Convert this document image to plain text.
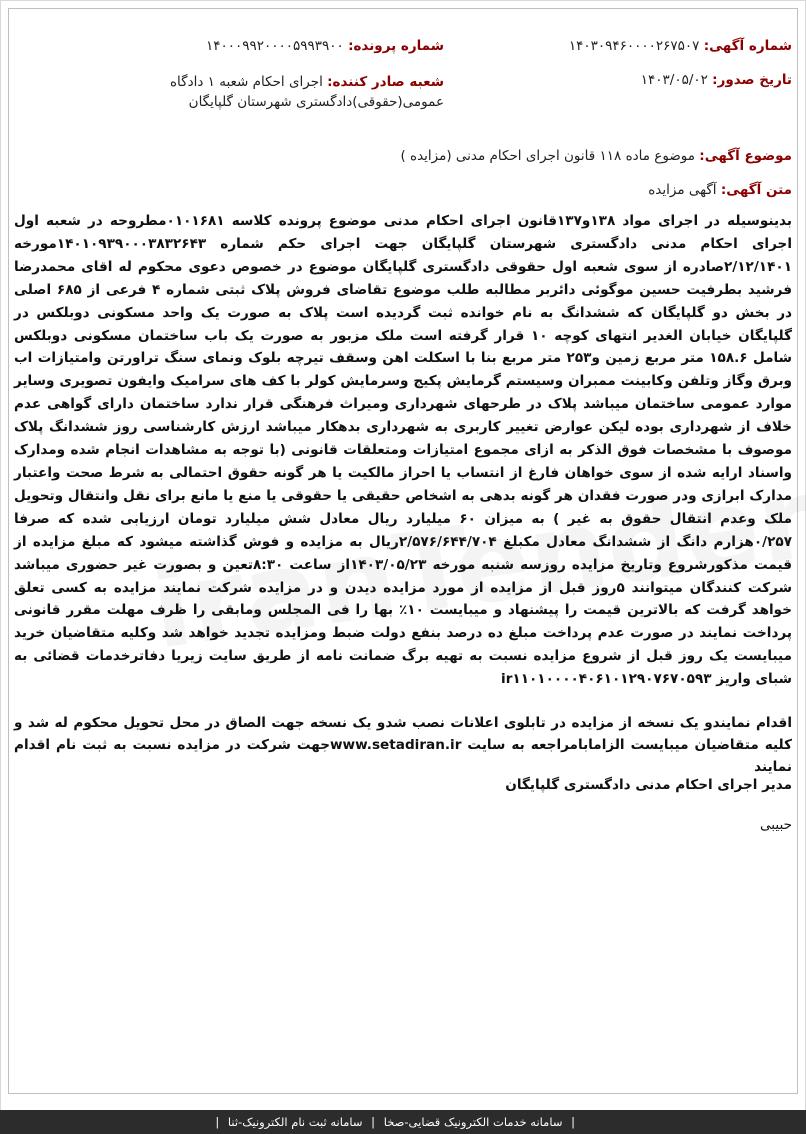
شماره آگهی: ۱۴۰۳۰۹۴۶۰۰۰۰۲۶۷۵۰۷
شماره پرونده: ۱۴۰۰۰۹۹۲۰۰۰۰۵۹۹۳۹۰۰
تاریخ صدور: ۱۴۰۳/۰۵/۰۲
شعبه صادر کننده: اجرای احکام شعبه ۱ دادگاه عمومی(حقوقی)دادگستری شهرستان گلپایگان
موضوع آگهی: موضوع ماده ۱۱۸ قانون اجرای احکام مدنی (مزایده )
متن آگهی: آگهی مزایده
بدینوسیله در اجرای مواد ۱۳۸و۱۳۷قانون اجرای احکام مدنی موضوع پرونده کلاسه ۰۱۰۱۶۸۱مطروحه در شعبه اول اجرای احکام مدنی دادگستری شهرستان گلپایگان جهت اجرای حکم شماره ۱۴۰۱۰۹۳۹۰۰۰۳۸۳۲۶۴۳مورخه ۲/۱۲/۱۴۰۱صادره از سوی شعبه اول حقوقی دادگستری گلپایگان موضوع در خصوص دعوی محکوم له اقای محمدرضا فرشید بطرفیت حسین موگوئی دائربر مطالبه طلب موضوع تقاضای فروش پلاک ثبتی شماره ۴ فرعی از ۶۸۵ اصلی در بخش دو گلپایگان که ششدانگ به نام خوانده ثبت گردیده است پلاک به صورت یک واحد مسکونی دوبلکس در گلپایگان خیابان الغدیر انتهای کوچه ۱۰ قرار گرفته است ملک مزبور به صورت یک باب ساختمان مسکونی دوبلکس شامل ۱۵۸.۶ متر مربع زمین و۲۵۳ متر مربع بنا با اسکلت اهن وسقف تیرچه بلوک ونمای سنگ تراورتن وامتیازات اب وبرق وگاز وتلفن وکابینت ممبران وسیستم گرمایش پکیج وسرمایش کولر با کف های سرامیک وایفون تصویری وسایر موارد عمومی ساختمان میباشد پلاک در طرحهای شهرداری ومیراث فرهنگی قرار ندارد ساختمان دارای گواهی عدم خلاف از شهرداری بوده لیکن عوارض تغییر کاربری به شهرداری بدهکار میباشد ارزش کارشناسی روز ششدانگ پلاک موصوف با مشخصات فوق الذکر به ازای مجموع امتیازات ومتعلقات قانونی (با توجه به مشاهدات انجام شده ومدارک واسناد ارایه شده از سوی خواهان فارغ از انتساب یا احراز مالکیت یا هر گونه حقوق احتمالی به شرط صحت واعتبار مدارک ابرازی ودر صورت فقدان هر گونه بدهی به اشخاص حقیقی یا حقوقی یا منع یا مانع برای نقل وانتقال وتحویل ملک وعدم انتقال حقوق به غیر ) به میزان ۶۰ میلیارد ریال معادل شش میلیارد تومان ارزیابی شده که صرفا ۰/۲۵۷هزارم دانگ از ششدانگ معادل مکبلغ ۲/۵۷۶/۶۴۴/۷۰۴ریال به مزایده و فوش گذاشته میشود که مبلغ مزایده از قیمت مذکورشروع وتاریخ مزایده روزسه شنبه مورخه ۱۴۰۳/۰۵/۲۳از ساعت ۸:۳۰تعین و بصورت غیر حضوری میباشد شرکت کنندگان میتوانند ۵روز قبل از مزایده از مورد مزایده دیدن و در مزایده شرکت نمایند مزایده به کسی تعلق خواهد گرفت که بالاترین قیمت را پیشنهاد و میبایست ۱۰٪ بها را فی المجلس ومابقی را ظرف مهلت مقرر قانونی پرداخت نمایند در صورت عدم پرداخت مبلغ ده درصد بنفع دولت ضبط ومزایده تجدید خواهد شد وکلیه متقاضیان خرید میبایست یک روز قبل از شروع مزایده نسبت به تهیه برگ ضمانت نامه از طریق سایت زیریا دفاترخدمات قضائی به شبای واریز ir۱۱۰۱۰۰۰۰۴۰۶۱۰۱۲۹۰۷۶۷۰۵۹۳
اقدام نمایندو یک نسخه از مزایده در تابلوی اعلانات نصب شدو یک نسخه جهت الصاق در محل تحویل محکوم له شد و کلیه متقاضیان میبایست الزامابامراجعه به سایت www.setadiran.irجهت شرکت در مزایده نسبت به ثبت نام اقدام نمایند
مدیر اجرای احکام مدنی دادگستری گلپایگان
حبیبی
| سامانه خدمات الکترونیک قضایی-صخا | سامانه ثبت نام الکترونیک-ثنا |
